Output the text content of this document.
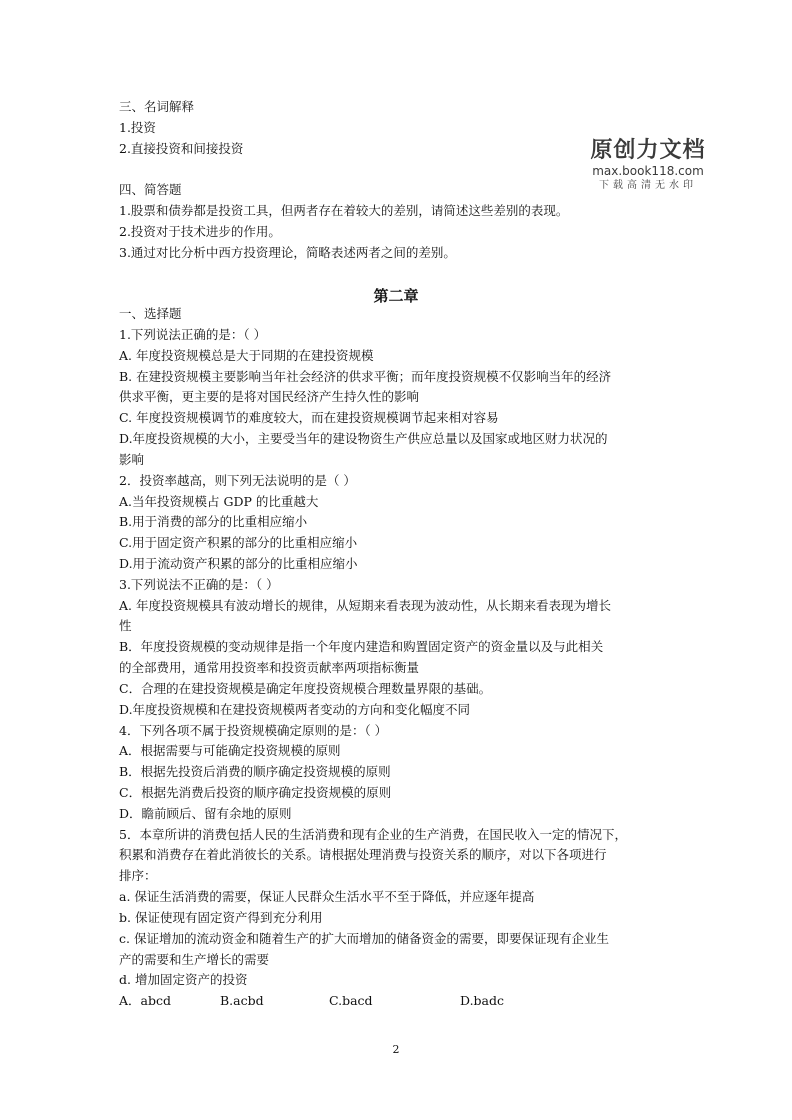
原创力文档
max.book118.com
下载高清无水印
三、名词解释
1.投资
2.直接投资和间接投资
四、简答题
1.股票和债券都是投资工具，但两者存在着较大的差别，请简述这些差别的表现。
2.投资对于技术进步的作用。
3.通过对比分析中西方投资理论，简略表述两者之间的差别。
第二章
一、选择题
1.下列说法正确的是：（ ）
A. 年度投资规模总是大于同期的在建投资规模
B. 在建投资规模主要影响当年社会经济的供求平衡；而年度投资规模不仅影响当年的经济
供求平衡，更主要的是将对国民经济产生持久性的影响
C. 年度投资规模调节的难度较大，而在建投资规模调节起来相对容易
D.年度投资规模的大小，主要受当年的建设物资生产供应总量以及国家或地区财力状况的
影响
2．投资率越高，则下列无法说明的是（ ）
A.当年投资规模占 GDP 的比重越大
B.用于消费的部分的比重相应缩小
C.用于固定资产积累的部分的比重相应缩小
D.用于流动资产积累的部分的比重相应缩小
3.下列说法不正确的是：（ ）
A. 年度投资规模具有波动增长的规律，从短期来看表现为波动性，从长期来看表现为增长
性
B．年度投资规模的变动规律是指一个年度内建造和购置固定资产的资金量以及与此相关
的全部费用，通常用投资率和投资贡献率两项指标衡量
C．合理的在建投资规模是确定年度投资规模合理数量界限的基础。
D.年度投资规模和在建投资规模两者变动的方向和变化幅度不同
4．下列各项不属于投资规模确定原则的是：（ ）
A．根据需要与可能确定投资规模的原则
B．根据先投资后消费的顺序确定投资规模的原则
C．根据先消费后投资的顺序确定投资规模的原则
D．瞻前顾后、留有余地的原则
5．本章所讲的消费包括人民的生活消费和现有企业的生产消费，在国民收入一定的情况下，
积累和消费存在着此消彼长的关系。请根据处理消费与投资关系的顺序，对以下各项进行
排序：
a. 保证生活消费的需要，保证人民群众生活水平不至于降低，并应逐年提高
b. 保证使现有固定资产得到充分利用
c. 保证增加的流动资金和随着生产的扩大而增加的储备资金的需要，即要保证现有企业生
产的需要和生产增长的需要
d. 增加固定资产的投资
A．abcd	B.acbd	C.bacd	D.badc
2
